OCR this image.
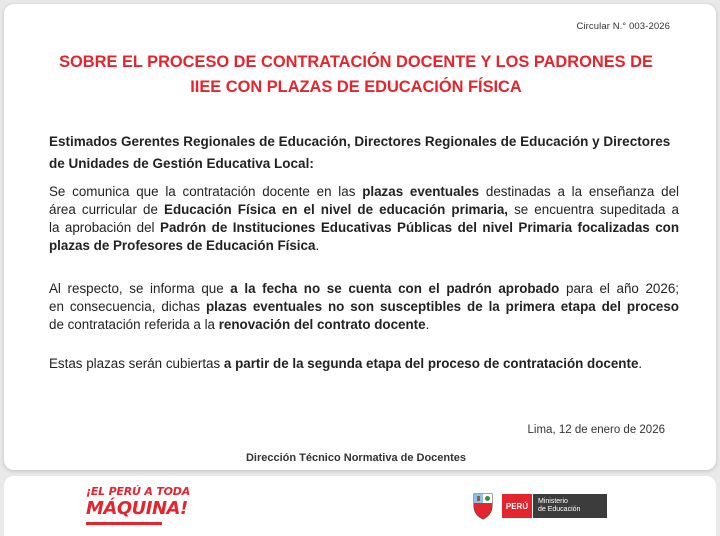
Circular N.° 003-2026
SOBRE EL PROCESO DE CONTRATACIÓN DOCENTE Y LOS PADRONES DE
IIEE CON PLAZAS DE EDUCACIÓN FÍSICA
Estimados Gerentes Regionales de Educación, Directores Regionales de Educación y Directores
de Unidades de Gestión Educativa Local:
Se comunica que la contratación docente en las plazas eventuales destinadas a la enseñanza del
área curricular de Educación Física en el nivel de educación primaria, se encuentra supeditada a
la aprobación del Padrón de Instituciones Educativas Públicas del nivel Primaria focalizadas con
plazas de Profesores de Educación Física.
Al respecto, se informa que a la fecha no se cuenta con el padrón aprobado para el año 2026;
en consecuencia, dichas plazas eventuales no son susceptibles de la primera etapa del proceso
de contratación referida a la renovación del contrato docente.
Estas plazas serán cubiertas a partir de la segunda etapa del proceso de contratación docente.
Lima, 12 de enero de 2026
Dirección Técnico Normativa de Docentes
¡EL PERÚ A TODA
MÁQUINA!	PERÚ	Ministerio
de Educación
